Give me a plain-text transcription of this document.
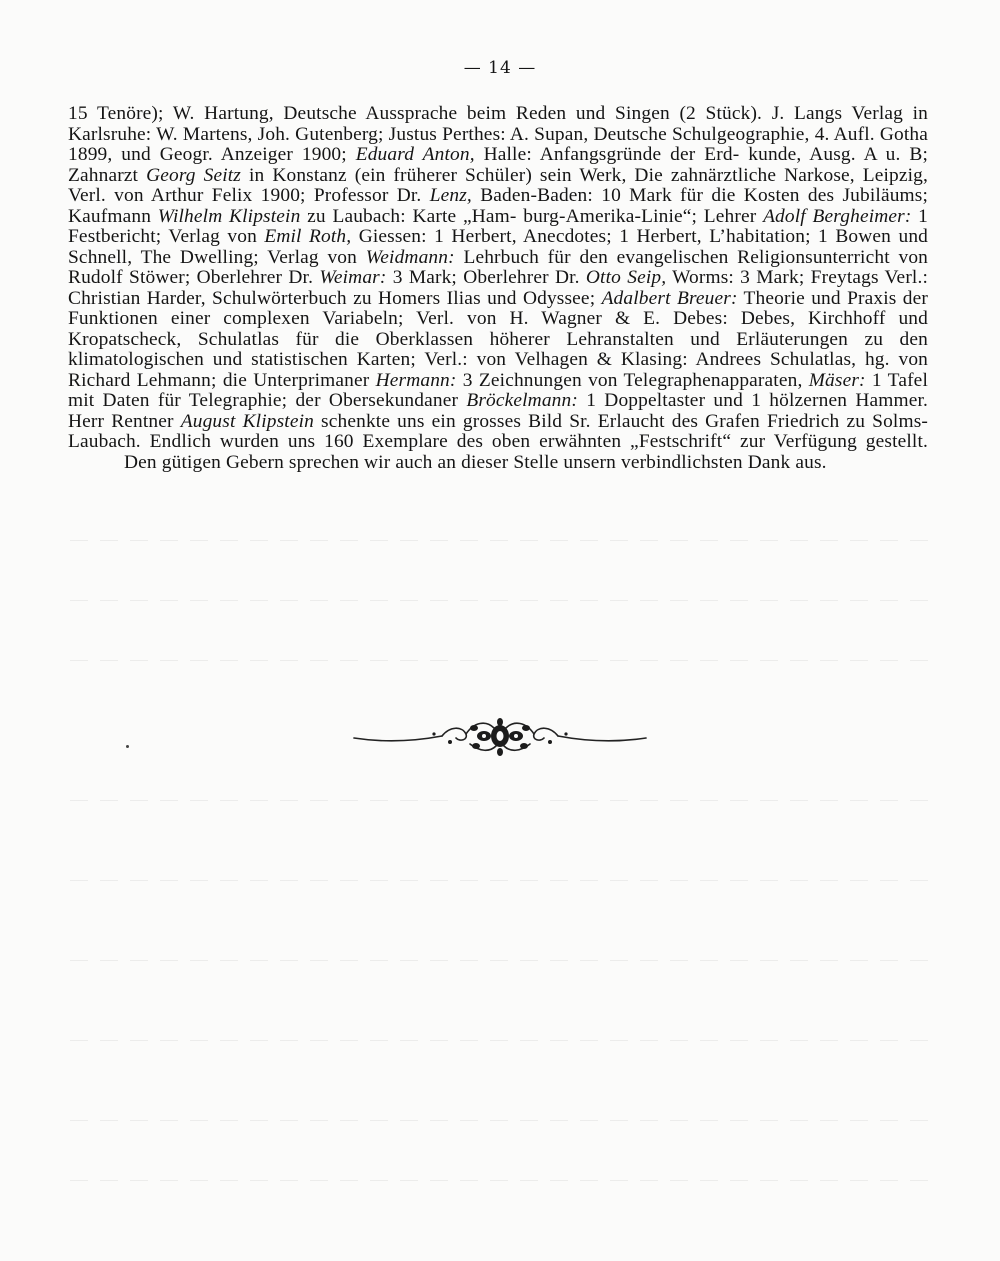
— 14 —

15 Tenöre); W. Hartung, Deutsche Aussprache beim Reden und Singen (2 Stück). J. Langs Verlag in Karlsruhe: W. Martens, Joh. Gutenberg; Justus Perthes: A. Supan, Deutsche Schulgeographie, 4. Aufl. Gotha 1899, und Geogr. Anzeiger 1900; Eduard Anton, Halle: Anfangsgründe der Erd- kunde, Ausg. A u. B; Zahnarzt Georg Seitz in Konstanz (ein früherer Schüler) sein Werk, Die zahnärztliche Narkose, Leipzig, Verl. von Arthur Felix 1900; Professor Dr. Lenz, Baden-Baden: 10 Mark für die Kosten des Jubiläums; Kaufmann Wilhelm Klipstein zu Laubach: Karte „Ham- burg-Amerika-Linie“; Lehrer Adolf Bergheimer: 1 Festbericht; Verlag von Emil Roth, Giessen: 1 Herbert, Anecdotes; 1 Herbert, L’habitation; 1 Bowen und Schnell, The Dwelling; Verlag von Weidmann: Lehrbuch für den evangelischen Religionsunterricht von Rudolf Stöwer; Oberlehrer Dr. Weimar: 3 Mark; Oberlehrer Dr. Otto Seip, Worms: 3 Mark; Freytags Verl.: Christian Harder, Schulwörterbuch zu Homers Ilias und Odyssee; Adalbert Breuer: Theorie und Praxis der Funktionen einer complexen Variabeln; Verl. von H. Wagner & E. Debes: Debes, Kirchhoff und Kropatscheck, Schulatlas für die Oberklassen höherer Lehranstalten und Erläuterungen zu den klimatologischen und statistischen Karten; Verl.: von Velhagen & Klasing: Andrees Schulatlas, hg. von Richard Lehmann; die Unterprimaner Hermann: 3 Zeichnungen von Telegraphenapparaten, Mäser: 1 Tafel mit Daten für Telegraphie; der Obersekundaner Bröckelmann: 1 Doppeltaster und 1 hölzernen Hammer. Herr Rentner August Klipstein schenkte uns ein grosses Bild Sr. Erlaucht des Grafen Friedrich zu Solms-Laubach. Endlich wurden uns 160 Exemplare des oben erwähnten „Festschrift“ zur Verfügung gestellt.

Den gütigen Gebern sprechen wir auch an dieser Stelle unsern verbindlichsten Dank aus.
